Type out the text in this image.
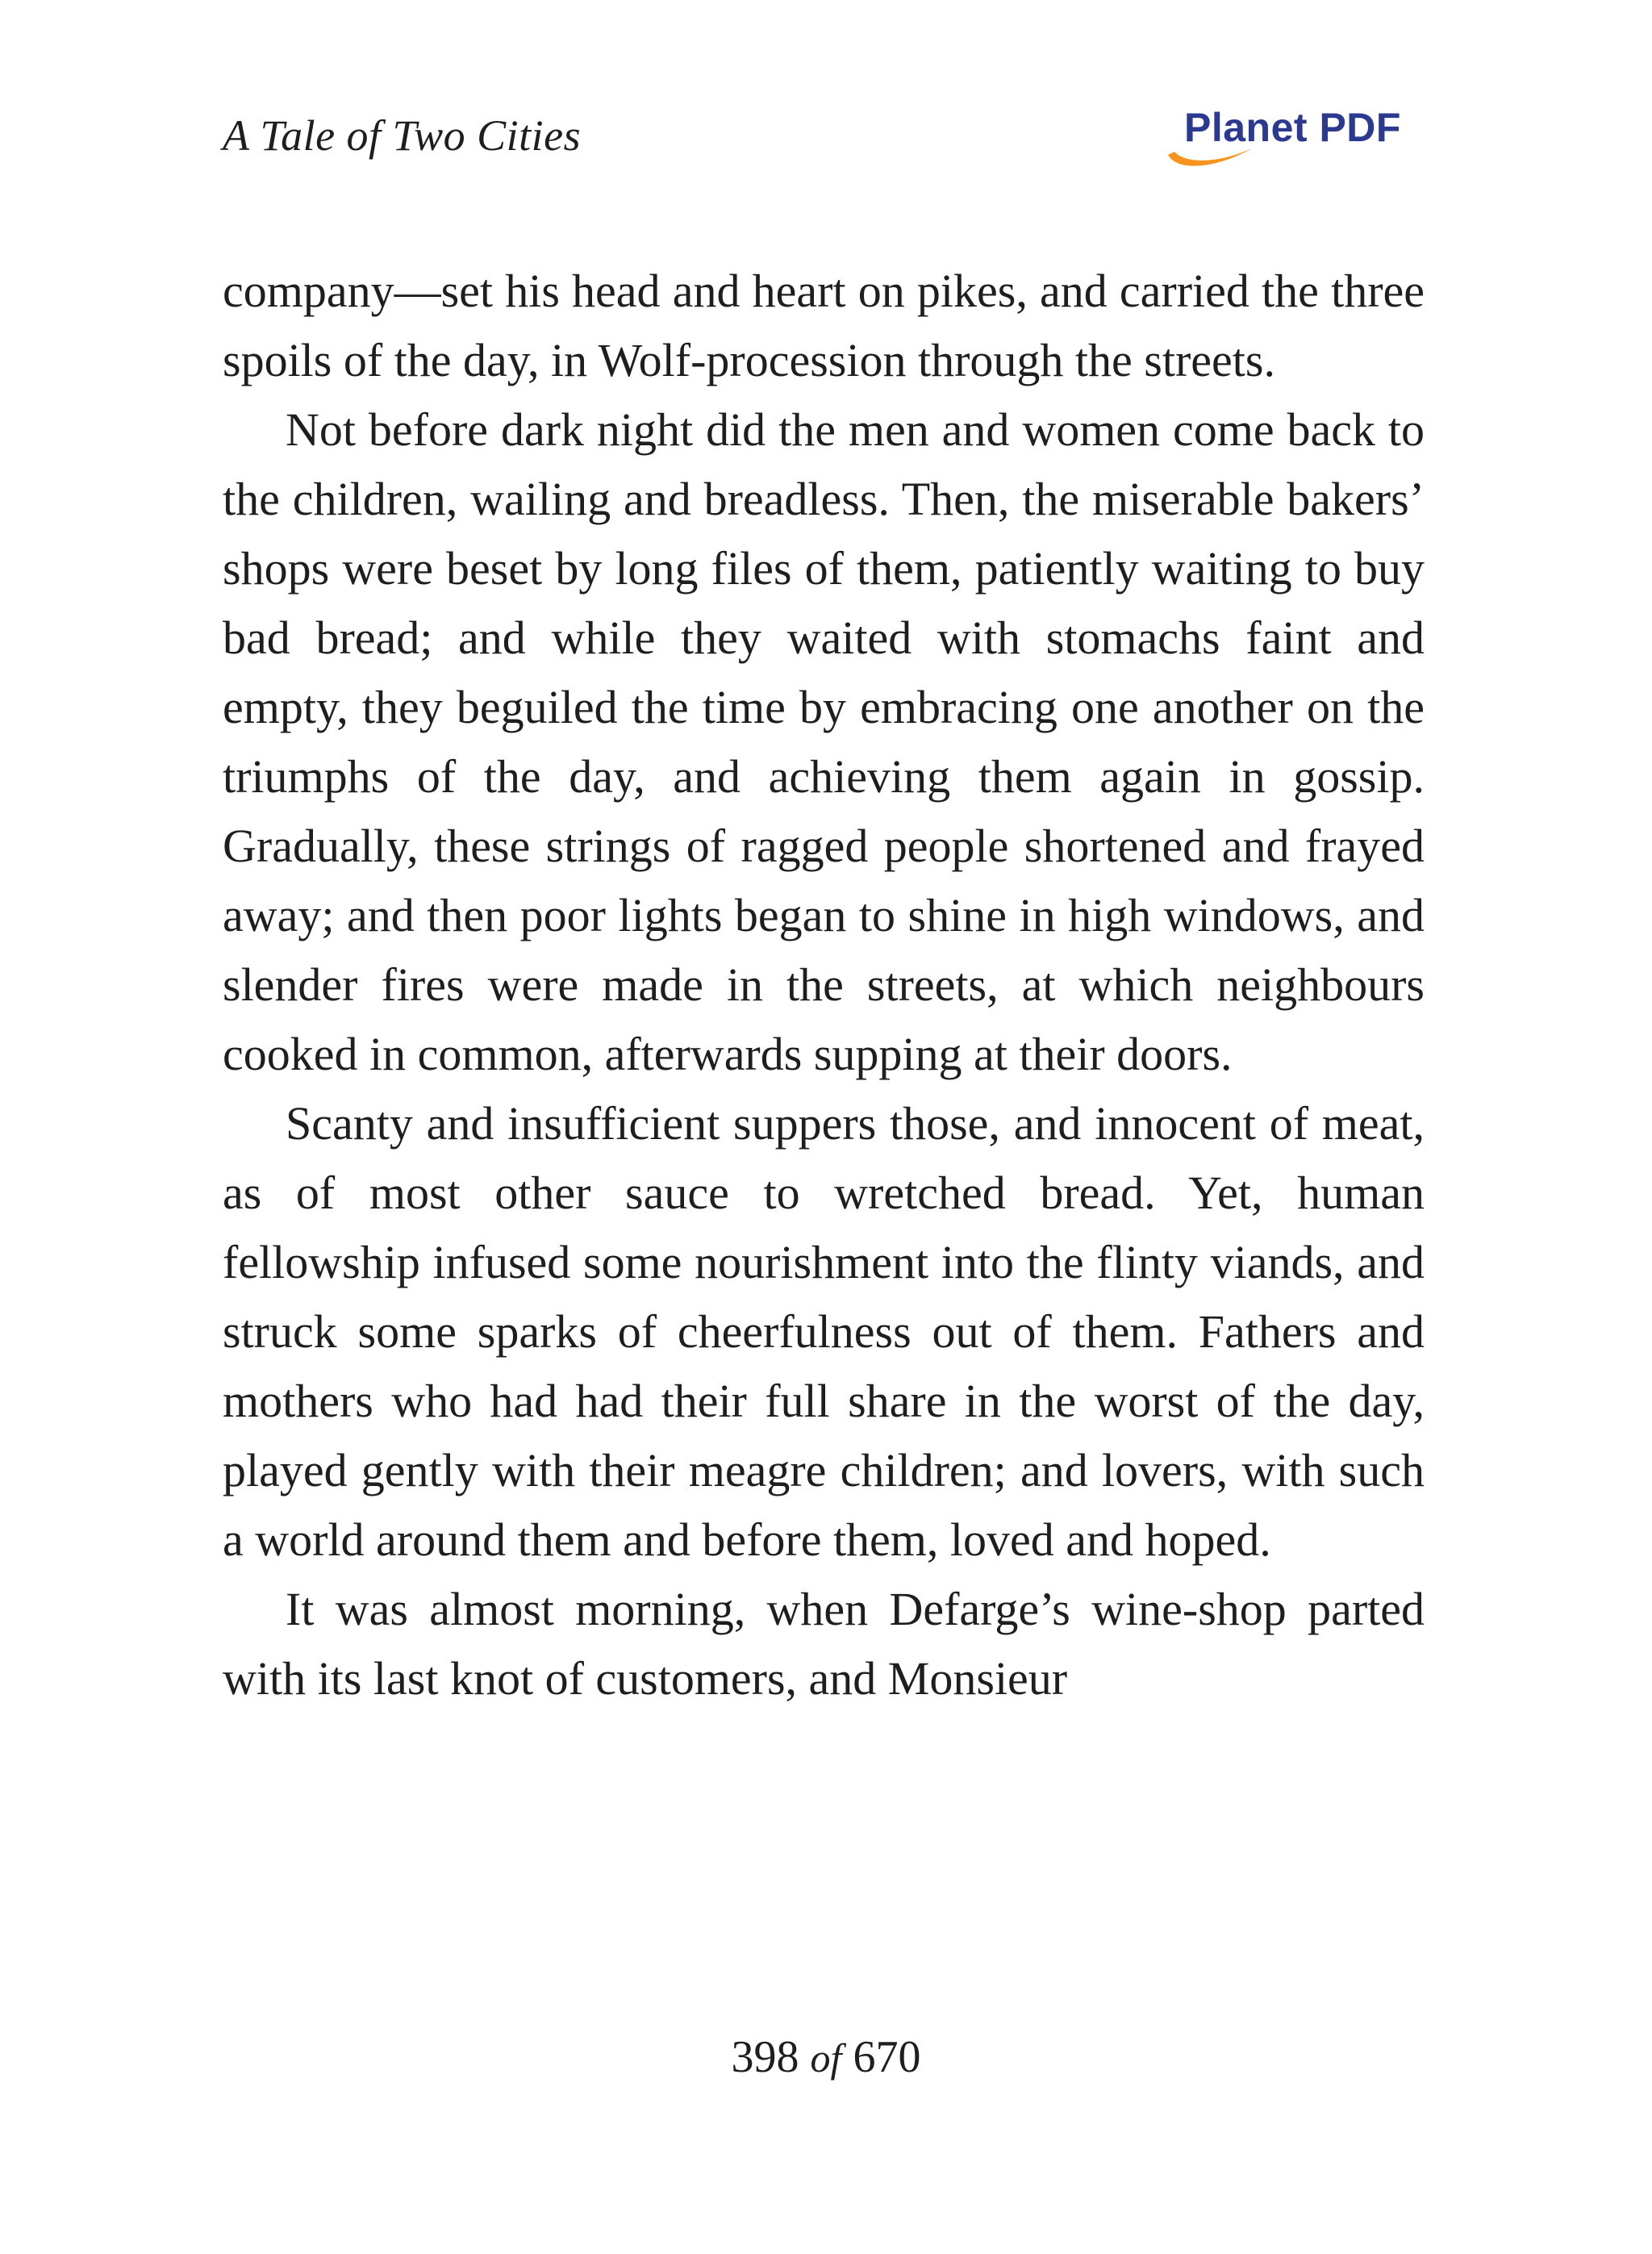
A Tale of Two Cities	Planet PDF

company—set his head and heart on pikes, and carried the three spoils of the day, in Wolf-procession through the streets.

Not before dark night did the men and women come back to the children, wailing and breadless. Then, the miserable bakers’ shops were beset by long files of them, patiently waiting to buy bad bread; and while they waited with stomachs faint and empty, they beguiled the time by embracing one another on the triumphs of the day, and achieving them again in gossip. Gradually, these strings of ragged people shortened and frayed away; and then poor lights began to shine in high windows, and slender fires were made in the streets, at which neighbours cooked in common, afterwards supping at their doors.

Scanty and insufficient suppers those, and innocent of meat, as of most other sauce to wretched bread. Yet, human fellowship infused some nourishment into the flinty viands, and struck some sparks of cheerfulness out of them. Fathers and mothers who had had their full share in the worst of the day, played gently with their meagre children; and lovers, with such a world around them and before them, loved and hoped.

It was almost morning, when Defarge’s wine-shop parted with its last knot of customers, and Monsieur

398 of 670
